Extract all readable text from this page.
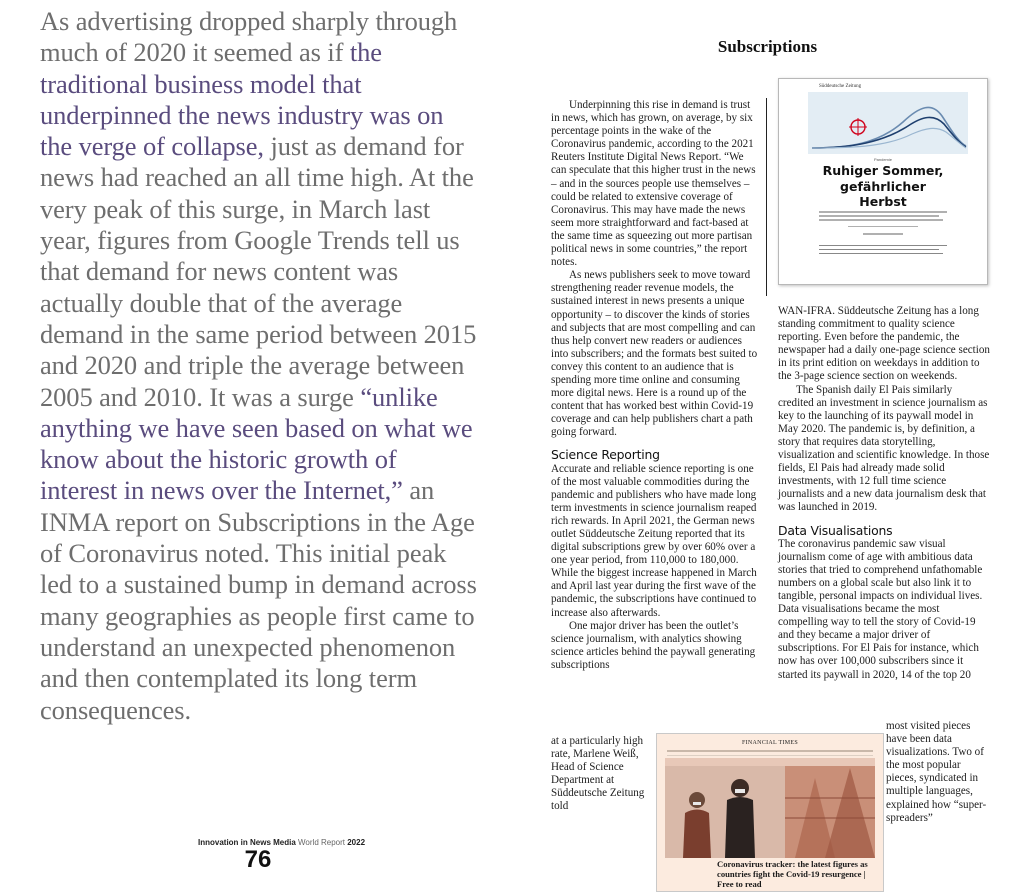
As advertising dropped sharply through much of 2020 it seemed as if the traditional business model that underpinned the news industry was on the verge of collapse, just as demand for news had reached an all time high. At the very peak of this surge, in March last year, figures from Google Trends tell us that demand for news content was actually double that of the average demand in the same period between 2015 and 2020 and triple the average between 2005 and 2010. It was a surge “unlike anything we have seen based on what we know about the historic growth of interest in news over the Internet,” an INMA report on Subscriptions in the Age of Coronavirus noted. This initial peak led to a sustained bump in demand across many geographies as people first came to understand an unexpected phenomenon and then contemplated its long term consequences.
Innovation in News Media World Report 2022
76
Subscriptions

Underpinning this rise in demand is trust in news, which has grown, on average, by six percentage points in the wake of the Coronavirus pandemic, according to the 2021 Reuters Institute Digital News Report. “We can speculate that this higher trust in the news – and in the sources people use themselves – could be related to extensive coverage of Coronavirus. This may have made the news seem more straightforward and fact-based at the same time as squeezing out more partisan political news in some countries,” the report notes.

As news publishers seek to move toward strengthening reader revenue models, the sustained interest in news presents a unique opportunity – to discover the kinds of stories and subjects that are most compelling and can thus help convert new readers or audiences into subscribers; and the formats best suited to convey this content to an audience that is spending more time online and consuming more digital news. Here is a round up of the content that has worked best within Covid-19 coverage and can help publishers chart a path going forward.

Science Reporting

Accurate and reliable science reporting is one of the most valuable commodities during the pandemic and publishers who have made long term investments in science journalism reaped rich rewards. In April 2021, the German news outlet Süddeutsche Zeitung reported that its digital subscriptions grew by over 60% over a one year period, from 110,000 to 180,000. While the biggest increase happened in March and April last year during the first wave of the pandemic, the subscriptions have continued to increase also afterwards.

One major driver has been the outlet’s science journalism, with analytics showing science articles behind the paywall generating subscriptions

at a particularly high rate, Marlene Weiß, Head of Science Department at Süddeutsche Zeitung told

WAN-IFRA. Süddeutsche Zeitung has a long standing commitment to quality science reporting. Even before the pandemic, the newspaper had a daily one-page science section in its print edition on weekdays in addition to the 3-page science section on weekends.

The Spanish daily El Pais similarly credited an investment in science journalism as key to the launching of its paywall model in May 2020. The pandemic is, by definition, a story that requires data storytelling, visualization and scientific knowledge. In those fields, El Pais had already made solid investments, with 12 full time science journalists and a new data journalism desk that was launched in 2019.

Data Visualisations

The coronavirus pandemic saw visual journalism come of age with ambitious data stories that tried to comprehend unfathomable numbers on a global scale but also link it to tangible, personal impacts on individual lives. Data visualisations became the most compelling way to tell the story of Covid-19 and they became a major driver of subscriptions. For El Pais for instance, which now has over 100,000 subscribers since it started its paywall in 2020, 14 of the top 20

most visited pieces have been data visualizations. Two of the most popular pieces, syndicated in multiple languages, explained how “super-spreaders”
Süddeutsche Zeitung
Pandemie
Ruhiger Sommer,
gefährlicher
Herbst
FINANCIAL TIMES
Coronavirus tracker: the latest figures as countries fight the Covid-19 resurgence | Free to read
